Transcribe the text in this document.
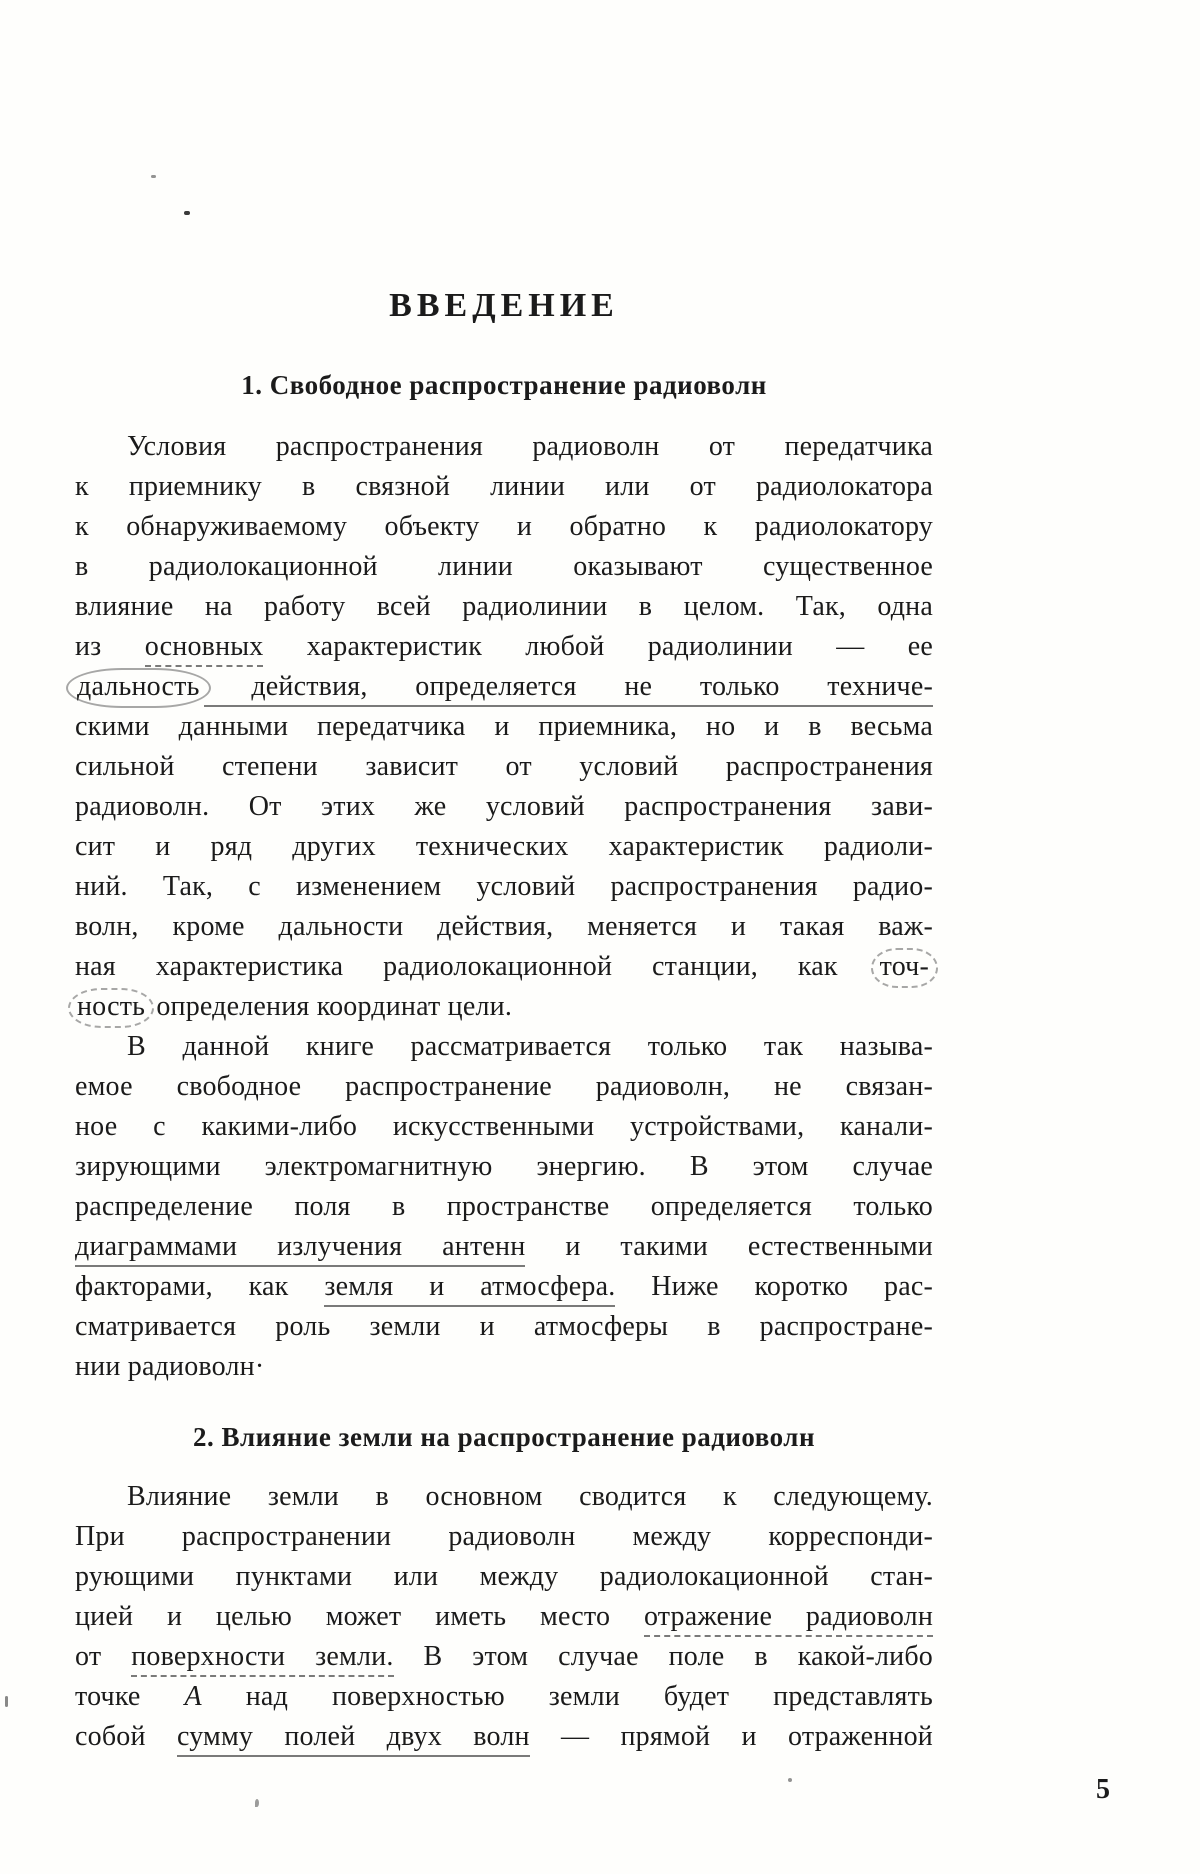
ВВЕДЕНИЕ
1. Свободное распространение радиоволн
Условия распространения радиоволн от передатчика
к приемнику в связной линии или от радиолокатора
к обнаруживаемому объекту и обратно к радиолокатору
в радиолокационной линии оказывают существенное
влияние на работу всей радиолинии в целом. Так, одна
из основных характеристик любой радиолинии — ее
дальность действия, определяется не только техниче-
скими данными передатчика и приемника, но и в весьма
сильной степени зависит от условий распространения
радиоволн. От этих же условий распространения зави-
сит и ряд других технических характеристик радиоли-
ний. Так, с изменением условий распространения радио-
волн, кроме дальности действия, меняется и такая важ-
ная характеристика радиолокационной станции, как точ-
ность определения координат цели.
В данной книге рассматривается только так называ-
емое свободное распространение радиоволн, не связан-
ное с какими-либо искусственными устройствами, канали-
зирующими электромагнитную энергию. В этом случае
распределение поля в пространстве определяется только
диаграммами излучения антенн и такими естественными
факторами, как земля и атмосфера. Ниже коротко рас-
сматривается роль земли и атмосферы в распростране-
нии радиоволн·
2. Влияние земли на распространение радиоволн
Влияние земли в основном сводится к следующему.
При распространении радиоволн между корреспонди-
рующими пунктами или между радиолокационной стан-
цией и целью может иметь место отражение радиоволн
от поверхности земли. В этом случае поле в какой-либо
точке А над поверхностью земли будет представлять
собой сумму полей двух волн — прямой и отраженной
5
